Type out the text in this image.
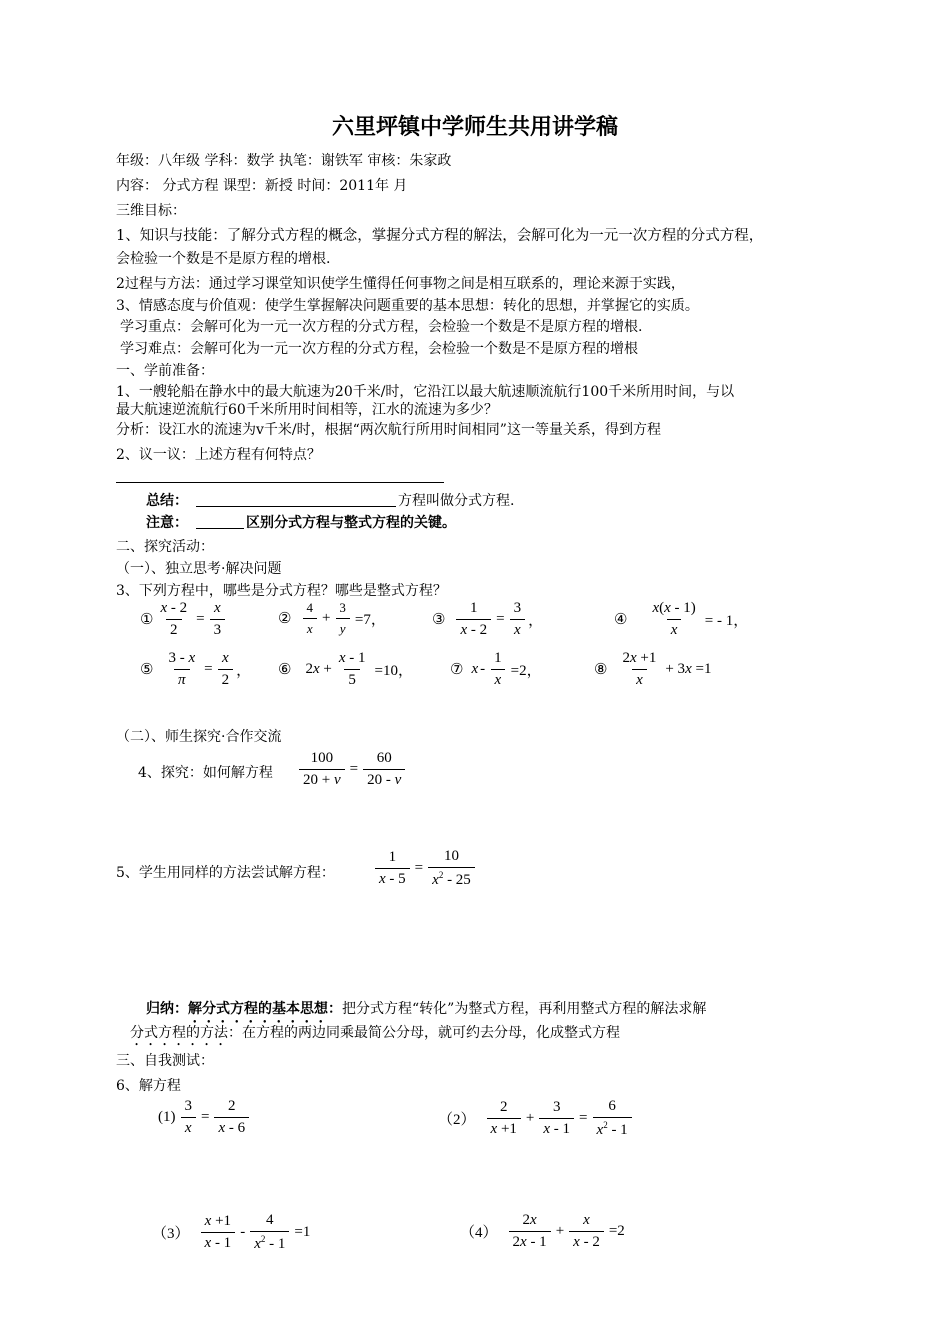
六里坪镇中学师生共用讲学稿
年级：八年级 学科：数学 执笔：谢铁军 审核：朱家政
内容： 分式方程 课型：新授 时间：2011年 月
三维目标：
1、知识与技能：了解分式方程的概念，掌握分式方程的解法，会解可化为一元一次方程的分式方程，
会检验一个数是不是原方程的增根.
2过程与方法：通过学习课堂知识使学生懂得任何事物之间是相互联系的，理论来源于实践，
3、情感态度与价值观：使学生掌握解决问题重要的基本思想：转化的思想，并掌握它的实质。
学习重点：会解可化为一元一次方程的分式方程，会检验一个数是不是原方程的增根.
学习难点：会解可化为一元一次方程的分式方程，会检验一个数是不是原方程的增根
一、学前准备：
1、一艘轮船在静水中的最大航速为20千米/时，它沿江以最大航速顺流航行100千米所用时间，与以
最大航速逆流航行60千米所用时间相等，江水的流速为多少？
分析：设江水的流速为v千米/时，根据“两次航行所用时间相同”这一等量关系，得到方程
2、议一议：上述方程有何特点？
总结：	方程叫做分式方程.
注意：	区别分式方程与整式方程的关键。
二、探究活动：
（一）、独立思考·解决问题
3、下列方程中，哪些是分式方程？哪些是整式方程？
① $\frac{x - 2}{2} = \frac{x}{3}$	② $\frac{4}{x} + \frac{3}{y} =7$，	③ $\frac{1}{x - 2} = \frac{3}{x}$ ，	④ $\frac{x(x - 1)}{x}$ = - 1，
⑤ $\frac{3 - x}{\pi} = \frac{x}{2}$ ， ⑥ $2x + \frac{x - 1}{5} =10$， ⑦ $x - \frac{1}{x} =2$，	⑧ $\frac{2x +1}{x} + 3x =1$
（二）、师生探究·合作交流
4、探究：如何解方程 $\frac{100}{20 + v} = \frac{60}{20 - v}$
5、学生用同样的方法尝试解方程：	$\frac{1}{x - 5} = \frac{10}{x^2 - 25}$
归纳：解分式方程的基本思想：把分式方程“转化”为整式方程，再利用整式方程的解法求解
分式方程的方法：在方程的两边同乘最简公分母，就可约去分母，化成整式方程
三、自我测试：
6、解方程
$(1) \frac{3}{x} = \frac{2}{x - 6}$	$(2) \frac{2}{x +1} + \frac{3}{x - 1} = \frac{6}{x^2 - 1}$
$(3) \frac{x +1}{x - 1} - \frac{4}{x^2 - 1} =1$	$(4) \frac{2x}{2x - 1} + \frac{x}{x - 2} =2$
